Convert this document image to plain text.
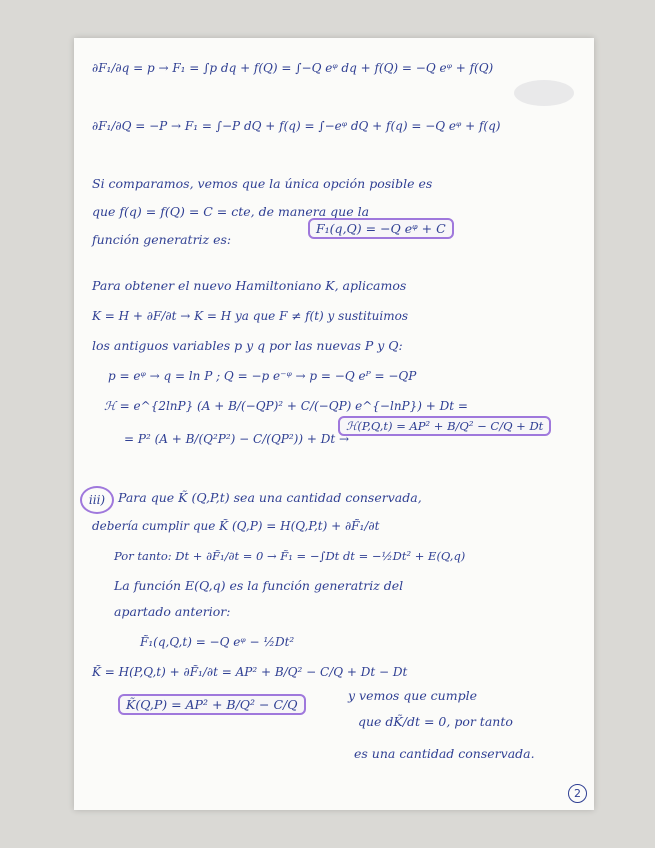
∂F₁/∂q = p → F₁ = ∫p dq + f(Q) = ∫−Q eᵠ dq + f(Q) = −Q eᵠ + f(Q)
∂F₁/∂Q = −P → F₁ = ∫−P dQ + f(q) = ∫−eᵠ dQ + f(q) = −Q eᵠ + f(q)
Si comparamos, vemos que la única opción posible es
que f(q) = f(Q) = C = cte, de manera que la
función generatriz es:
F₁(q,Q) = −Q eᵠ + C
Para obtener el nuevo Hamiltoniano K, aplicamos
K = H + ∂F/∂t → K = H ya que F ≠ f(t) y sustituimos
los antiguos variables p y q por las nuevas P y Q:
p = eᵠ → q = ln P ; Q = −p e⁻ᵠ → p = −Q eᴾ = −QP
ℋ = e^{2lnP} (A + B/(−QP)² + C/(−QP) e^{−lnP}) + Dt =
= P² (A + B/(Q²P²) − C/(QP²)) + Dt →
ℋ(P,Q,t) = AP² + B/Q² − C/Q + Dt
iii) Para que K̃ (Q,P,t) sea una cantidad conservada,
debería cumplir que K̃ (Q,P) = H(Q,P,t) + ∂F̃₁/∂t
Por tanto: Dt + ∂F̃₁/∂t = 0 → F̃₁ = −∫Dt dt = −½Dt² + E(Q,q)
La función E(Q,q) es la función generatriz del
apartado anterior:
F̃₁(q,Q,t) = −Q eᵠ − ½Dt²
K̃ = H(P,Q,t) + ∂F̃₁/∂t = AP² + B/Q² − C/Q + Dt − Dt
K̃(Q,P) = AP² + B/Q² − C/Q
y vemos que cumple
que dK̃/dt = 0, por tanto
es una cantidad conservada.
2
